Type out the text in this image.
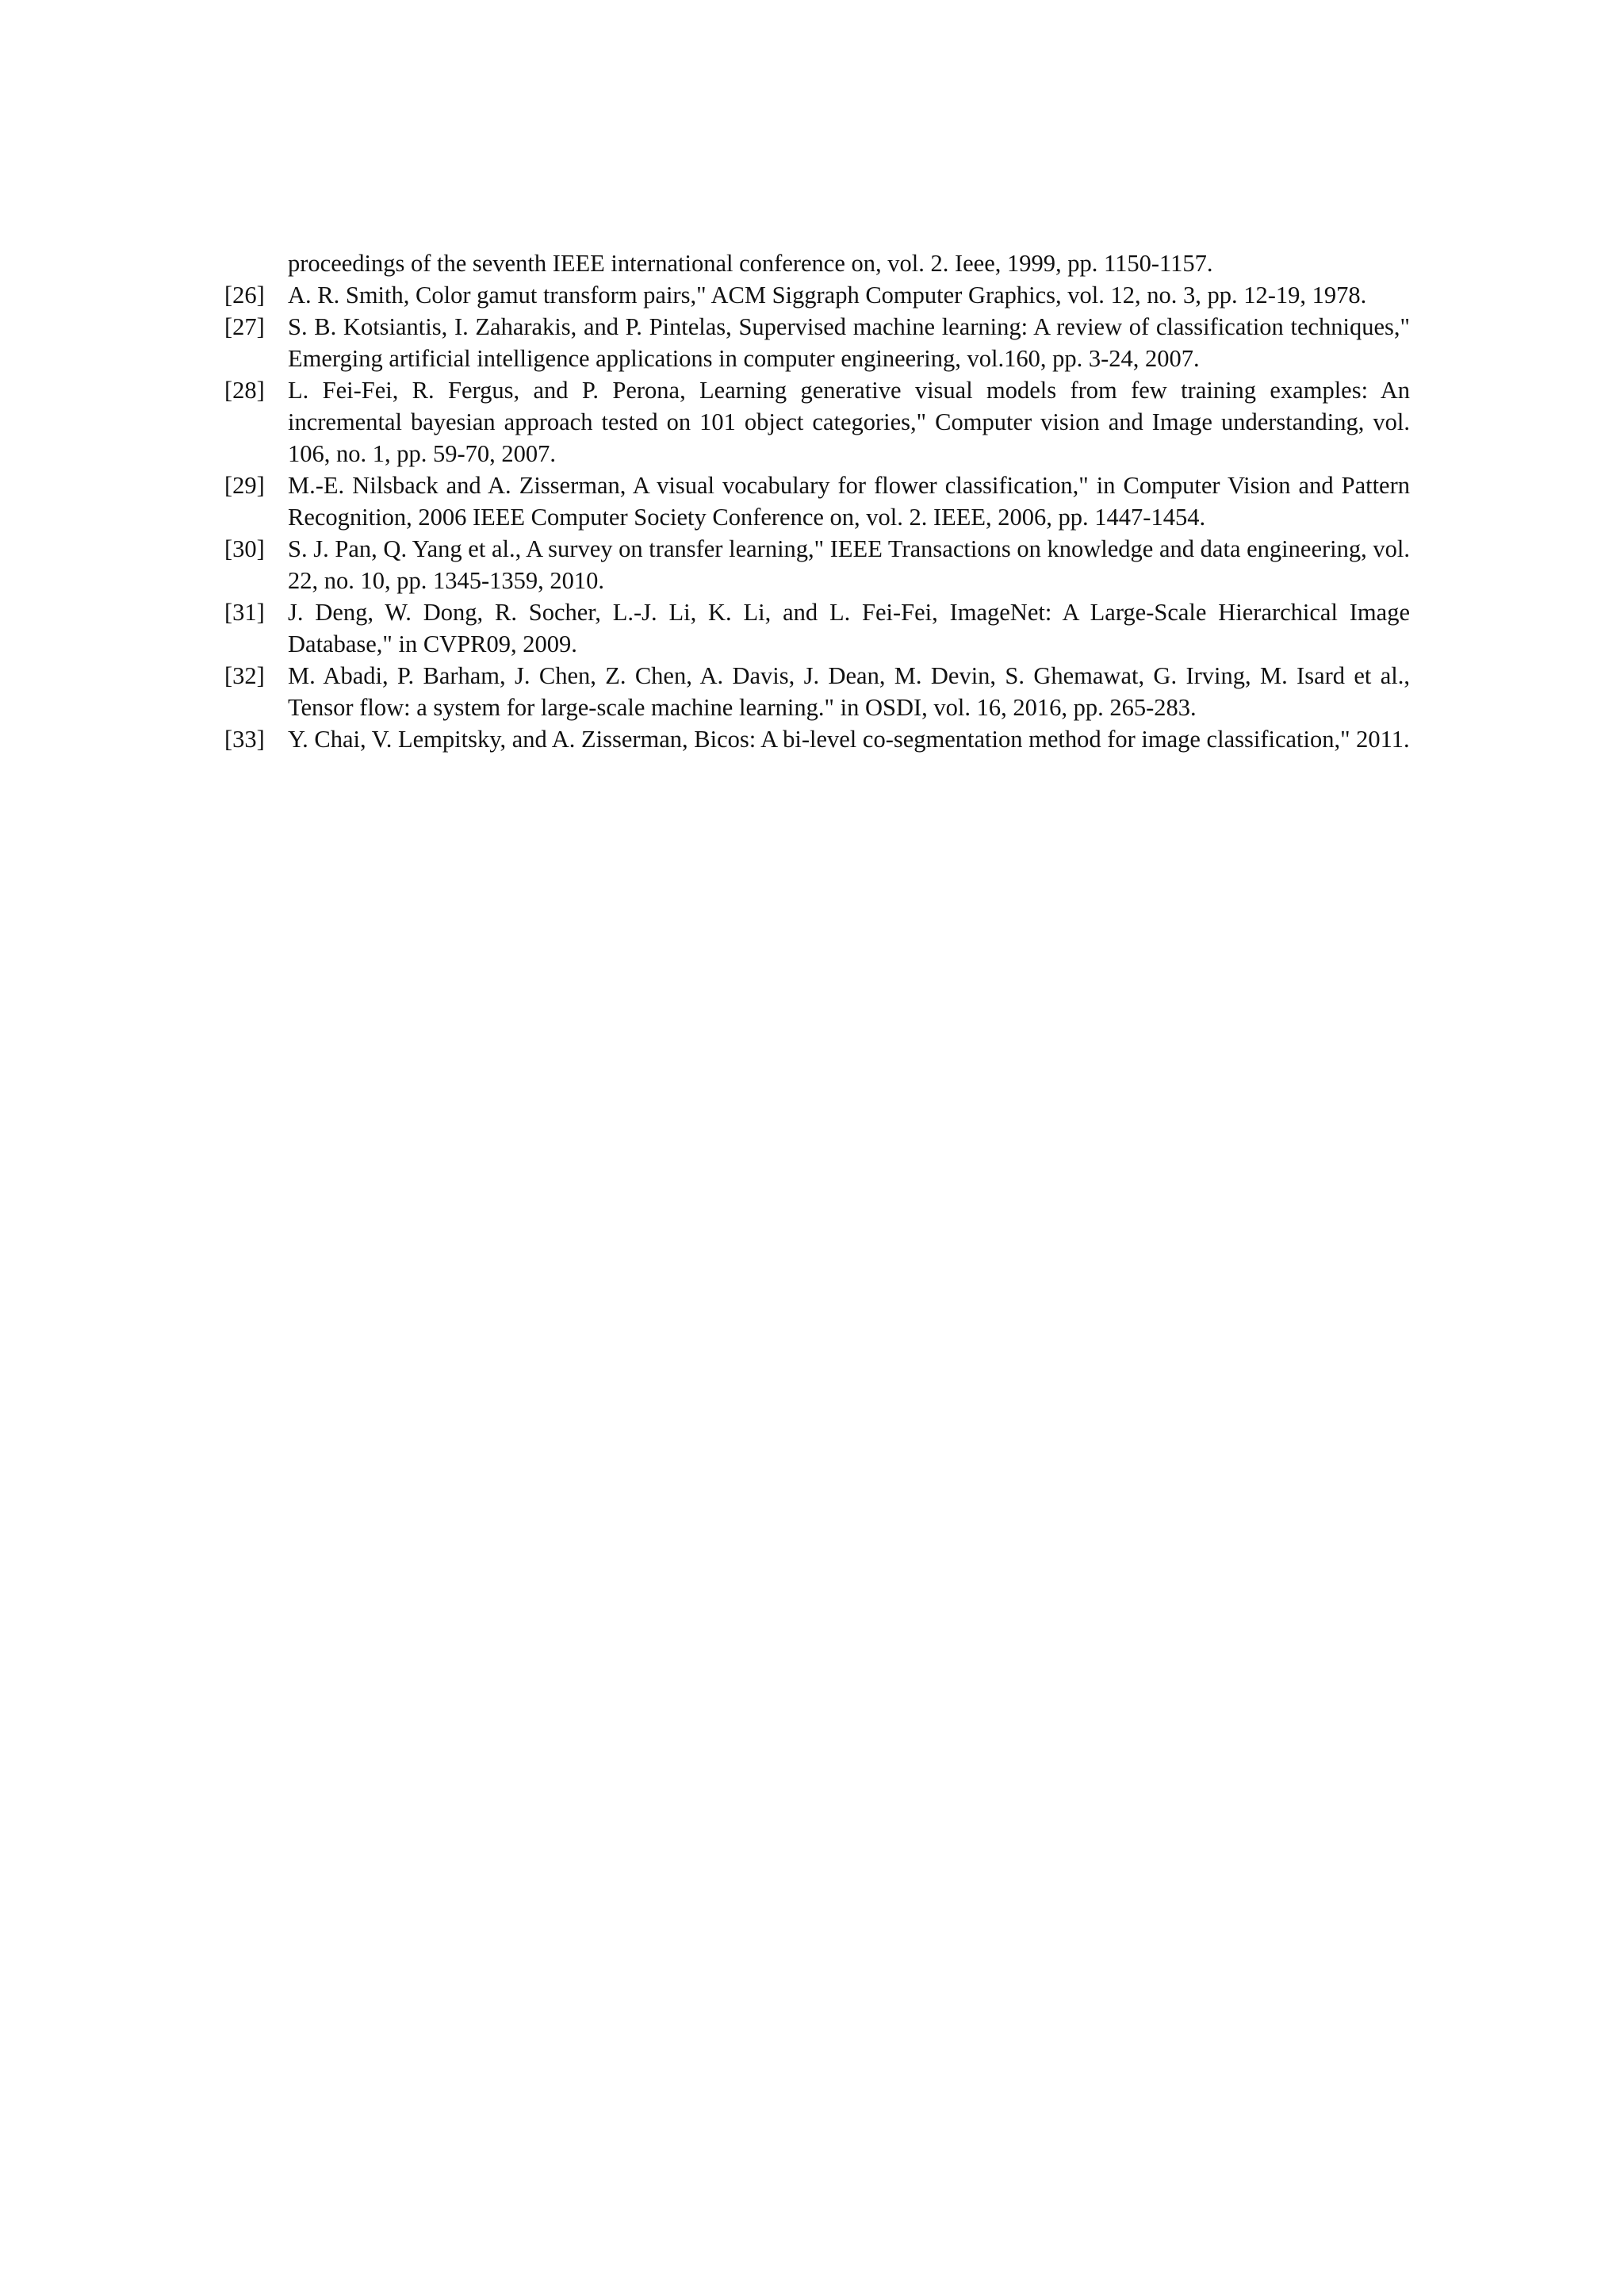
proceedings of the seventh IEEE international conference on, vol. 2. Ieee, 1999, pp. 1150-1157.

[26] A. R. Smith, Color gamut transform pairs," ACM Siggraph Computer Graphics, vol. 12, no. 3, pp. 12-19, 1978.

[27] S. B. Kotsiantis, I. Zaharakis, and P. Pintelas, Supervised machine learning: A review of classification techniques," Emerging artificial intelligence applications in computer engineering, vol.160, pp. 3-24, 2007.

[28] L. Fei-Fei, R. Fergus, and P. Perona, Learning generative visual models from few training examples: An incremental bayesian approach tested on 101 object categories," Computer vision and Image understanding, vol. 106, no. 1, pp. 59-70, 2007.

[29] M.-E. Nilsback and A. Zisserman, A visual vocabulary for flower classification," in Computer Vision and Pattern Recognition, 2006 IEEE Computer Society Conference on, vol. 2. IEEE, 2006, pp. 1447-1454.

[30] S. J. Pan, Q. Yang et al., A survey on transfer learning," IEEE Transactions on knowledge and data engineering, vol. 22, no. 10, pp. 1345-1359, 2010.

[31] J. Deng, W. Dong, R. Socher, L.-J. Li, K. Li, and L. Fei-Fei, ImageNet: A Large-Scale Hierarchical Image Database," in CVPR09, 2009.

[32] M. Abadi, P. Barham, J. Chen, Z. Chen, A. Davis, J. Dean, M. Devin, S. Ghemawat, G. Irving, M. Isard et al., Tensor flow: a system for large-scale machine learning." in OSDI, vol. 16, 2016, pp. 265-283.

[33] Y. Chai, V. Lempitsky, and A. Zisserman, Bicos: A bi-level co-segmentation method for image classification," 2011.
